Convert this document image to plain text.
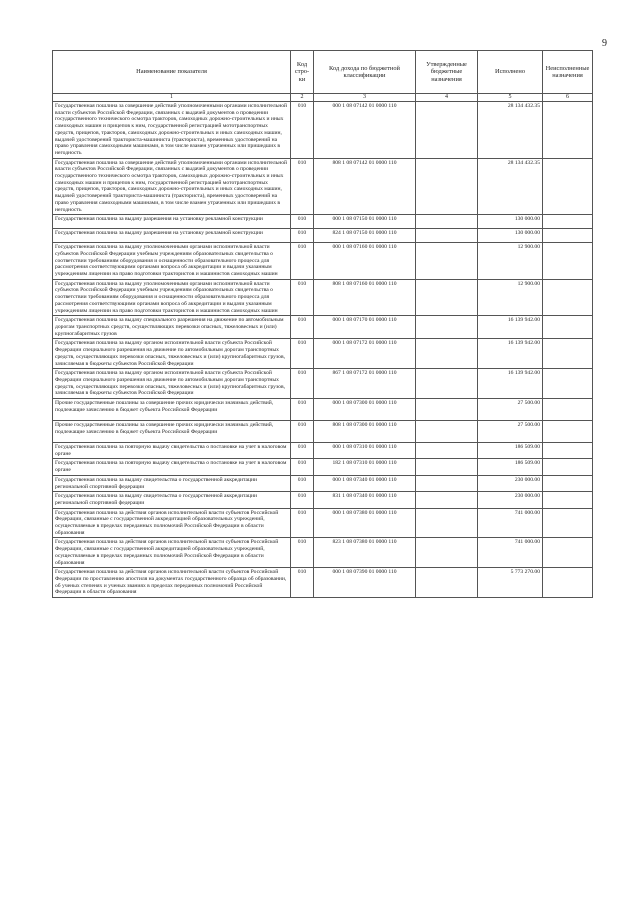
9
Наименование показателя	Код стро-ки	Код дохода по бюджетной классификации	Утвержденные бюджетные назначения	Исполнено	Неисполненные назначения
1	2	3	4	5	6
Государственная пошлина за совершение действий уполномоченными органами исполнительной власти субъектов Российской Федерации, связанных с выдачей документов о проведении государственного технического осмотра тракторов, самоходных дорожно-строительных и иных самоходных машин и прицепов к ним, государственной регистрацией мототранспортных средств, прицепов, тракторов, самоходных дорожно-строительных и иных самоходных машин, выдачей удостоверений тракториста-машиниста (тракториста), временных удостоверений на право управления самоходными машинами, в том числе взамен утраченных или пришедших в негодность	010	000 1 08 07142 01 0000 110		28 134 432.35	
Государственная пошлина за совершение действий уполномоченными органами исполнительной власти субъектов Российской Федерации, связанных с выдачей документов о проведении государственного технического осмотра тракторов, самоходных дорожно-строительных и иных самоходных машин и прицепов к ним, государственной регистрацией мототранспортных средств, прицепов, тракторов, самоходных дорожно-строительных и иных самоходных машин, выдачей удостоверений тракториста-машиниста (тракториста), временных удостоверений на право управления самоходными машинами, в том числе взамен утраченных или пришедших в негодность	010	808 1 08 07142 01 0000 110		28 134 432.35	
Государственная пошлина за выдачу разрешения на установку рекламной конструкции	010	000 1 08 07150 01 0000 110		130 000.00	
Государственная пошлина за выдачу разрешения на установку рекламной конструкции	010	824 1 08 07150 01 0000 110		130 000.00	
Государственная пошлина за выдачу уполномоченными органами исполнительной власти субъектов Российской Федерации учебным учреждениям образовательных свидетельства о соответствии требованиям оборудования и оснащенности образовательного процесса для рассмотрения соответствующими органами вопроса об аккредитации и выдачи указанным учреждениям лицензии на право подготовки трактористов и машинистов самоходных машин	010	000 1 08 07160 01 0000 110		12 900.00	
Государственная пошлина за выдачу уполномоченными органами исполнительной власти субъектов Российской Федерации учебным учреждениям образовательных свидетельства о соответствии требованиям оборудования и оснащенности образовательного процесса для рассмотрения соответствующими органами вопроса об аккредитации и выдачи указанным учреждениям лицензии на право подготовки трактористов и машинистов самоходных машин	010	808 1 08 07160 01 0000 110		12 900.00	
Государственная пошлина за выдачу специального разрешения на движение по автомобильным дорогам транспортных средств, осуществляющих перевозки опасных, тяжеловесных и (или) крупногабаритных грузов	010	000 1 08 07170 01 0000 110		16 139 942.00	
Государственная пошлина за выдачу органом исполнительной власти субъекта Российской Федерации специального разрешения на движение по автомобильным дорогам транспортных средств, осуществляющих перевозки опасных, тяжеловесных и (или) крупногабаритных грузов, зачисляемая в бюджеты субъектов Российской Федерации	010	000 1 08 07172 01 0000 110		16 139 942.00	
Государственная пошлина за выдачу органом исполнительной власти субъекта Российской Федерации специального разрешения на движение по автомобильным дорогам транспортных средств, осуществляющих перевозки опасных, тяжеловесных и (или) крупногабаритных грузов, зачисляемая в бюджеты субъектов Российской Федерации	010	867 1 08 07172 01 0000 110		16 139 942.00	
Прочие государственные пошлины за совершение прочих юридически значимых действий, подлежащие зачислению в бюджет субъекта Российской Федерации	010	000 1 08 07300 01 0000 110		27 500.00	
Прочие государственные пошлины за совершение прочих юридически значимых действий, подлежащие зачислению в бюджет субъекта Российской Федерации	010	808 1 08 07300 01 0000 110		27 500.00	
Государственная пошлина за повторную выдачу свидетельства о постановке на учет в налоговом органе	010	000 1 08 07310 01 0000 110		186 509.00	
Государственная пошлина за повторную выдачу свидетельства о постановке на учет в налоговом органе	010	182 1 08 07310 01 0000 110		186 509.00	
Государственная пошлина за выдачу свидетельства о государственной аккредитации региональной спортивной федерации	010	000 1 08 07340 01 0000 110		230 000.00	
Государственная пошлина за выдачу свидетельства о государственной аккредитации региональной спортивной федерации	010	831 1 08 07340 01 0000 110		230 000.00	
Государственная пошлина за действия органов исполнительной власти субъектов Российской Федерации, связанные с государственной аккредитацией образовательных учреждений, осуществляемые в пределах переданных полномочий Российской Федерации в области образования	010	000 1 08 07380 01 0000 110		741 000.00	
Государственная пошлина за действия органов исполнительной власти субъектов Российской Федерации, связанные с государственной аккредитацией образовательных учреждений, осуществляемые в пределах переданных полномочий Российской Федерации в области образования	010	823 1 08 07380 01 0000 110		741 000.00	
Государственная пошлина за действия органов исполнительной власти субъектов Российской Федерации по проставлению апостиля на документах государственного образца об образовании, об ученых степенях и ученых званиях в пределах переданных полномочий Российской Федерации в области образования	010	000 1 08 07390 01 0000 110		5 773 270.00	
